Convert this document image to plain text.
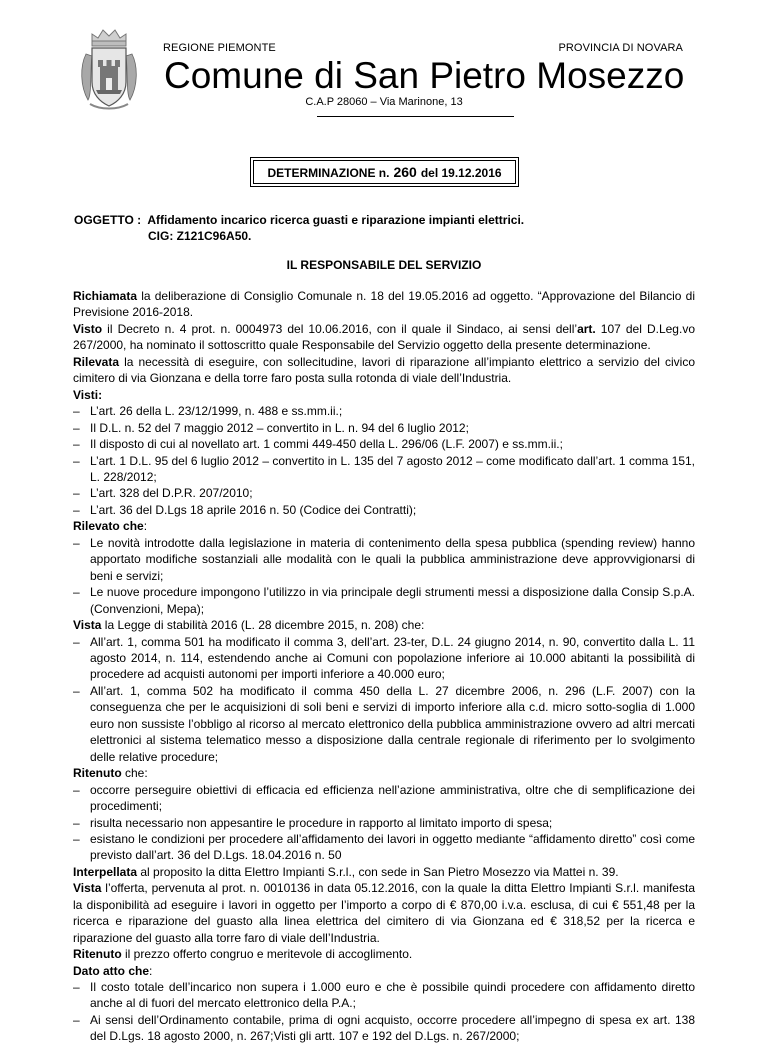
REGIONE PIEMONTE	PROVINCIA DI NOVARA
Comune di San Pietro Mosezzo
C.A.P 28060 – Via Marinone, 13
DETERMINAZIONE n. 260 del 19.12.2016
OGGETTO : Affidamento incarico ricerca guasti e riparazione impianti elettrici.
CIG: Z121C96A50.
IL RESPONSABILE DEL SERVIZIO

Richiamata la deliberazione di Consiglio Comunale n. 18 del 19.05.2016 ad oggetto. “Approvazione del Bilancio di Previsione 2016-2018.

Visto il Decreto n. 4 prot. n. 0004973 del 10.06.2016, con il quale il Sindaco, ai sensi dell’art. 107 del D.Leg.vo 267/2000, ha nominato il sottoscritto quale Responsabile del Servizio oggetto della presente determinazione.

Rilevata la necessità di eseguire, con sollecitudine, lavori di riparazione all’impianto elettrico a servizio del civico cimitero di via Gionzana e della torre faro posta sulla rotonda di viale dell’Industria.

Visti:

– L’art. 26 della L. 23/12/1999, n. 488 e ss.mm.ii.;
– Il D.L. n. 52 del 7 maggio 2012 – convertito in L. n. 94 del 6 luglio 2012;
– Il disposto di cui al novellato art. 1 commi 449-450 della L. 296/06 (L.F. 2007) e ss.mm.ii.;
– L’art. 1 D.L. 95 del 6 luglio 2012 – convertito in L. 135 del 7 agosto 2012 – come modificato dall’art. 1 comma 151, L. 228/2012;
– L’art. 328 del D.P.R. 207/2010;
– L’art. 36 del D.Lgs 18 aprile 2016 n. 50 (Codice dei Contratti);

Rilevato che:

– Le novità introdotte dalla legislazione in materia di contenimento della spesa pubblica (spending review) hanno apportato modifiche sostanziali alle modalità con le quali la pubblica amministrazione deve approvvigionarsi di beni e servizi;
– Le nuove procedure impongono l’utilizzo in via principale degli strumenti messi a disposizione dalla Consip S.p.A. (Convenzioni, Mepa);

Vista la Legge di stabilità 2016 (L. 28 dicembre 2015, n. 208) che:

– All’art. 1, comma 501 ha modificato il comma 3, dell’art. 23-ter, D.L. 24 giugno 2014, n. 90, convertito dalla L. 11 agosto 2014, n. 114, estendendo anche ai Comuni con popolazione inferiore ai 10.000 abitanti la possibilità di procedere ad acquisti autonomi per importi inferiore a 40.000 euro;
– All’art. 1, comma 502 ha modificato il comma 450 della L. 27 dicembre 2006, n. 296 (L.F. 2007) con la conseguenza che per le acquisizioni di soli beni e servizi di importo inferiore alla c.d. micro sotto-soglia di 1.000 euro non sussiste l’obbligo al ricorso al mercato elettronico della pubblica amministrazione ovvero ad altri mercati elettronici al sistema telematico messo a disposizione dalla centrale regionale di riferimento per lo svolgimento delle relative procedure;

Ritenuto che:

– occorre perseguire obiettivi di efficacia ed efficienza nell’azione amministrativa, oltre che di semplificazione dei procedimenti;
– risulta necessario non appesantire le procedure in rapporto al limitato importo di spesa;
– esistano le condizioni per procedere all’affidamento dei lavori in oggetto mediante “affidamento diretto” così come previsto dall’art. 36 del D.Lgs. 18.04.2016 n. 50

Interpellata al proposito la ditta Elettro Impianti S.r.l., con sede in San Pietro Mosezzo via Mattei n. 39.

Vista l’offerta, pervenuta al prot. n. 0010136 in data 05.12.2016, con la quale la ditta Elettro Impianti S.r.l. manifesta la disponibilità ad eseguire i lavori in oggetto per l’importo a corpo di € 870,00 i.v.a. esclusa, di cui € 551,48 per la ricerca e riparazione del guasto alla linea elettrica del cimitero di via Gionzana ed € 318,52 per la ricerca e riparazione del guasto alla torre faro di viale dell’Industria.

Ritenuto il prezzo offerto congruo e meritevole di accoglimento.

Dato atto che:

– Il costo totale dell’incarico non supera i 1.000 euro e che è possibile quindi procedere con affidamento diretto anche al di fuori del mercato elettronico della P.A.;
– Ai sensi dell’Ordinamento contabile, prima di ogni acquisto, occorre procedere all’impegno di spesa ex art. 138 del D.Lgs. 18 agosto 2000, n. 267;Visti gli artt. 107 e 192 del D.Lgs. n. 267/2000;
